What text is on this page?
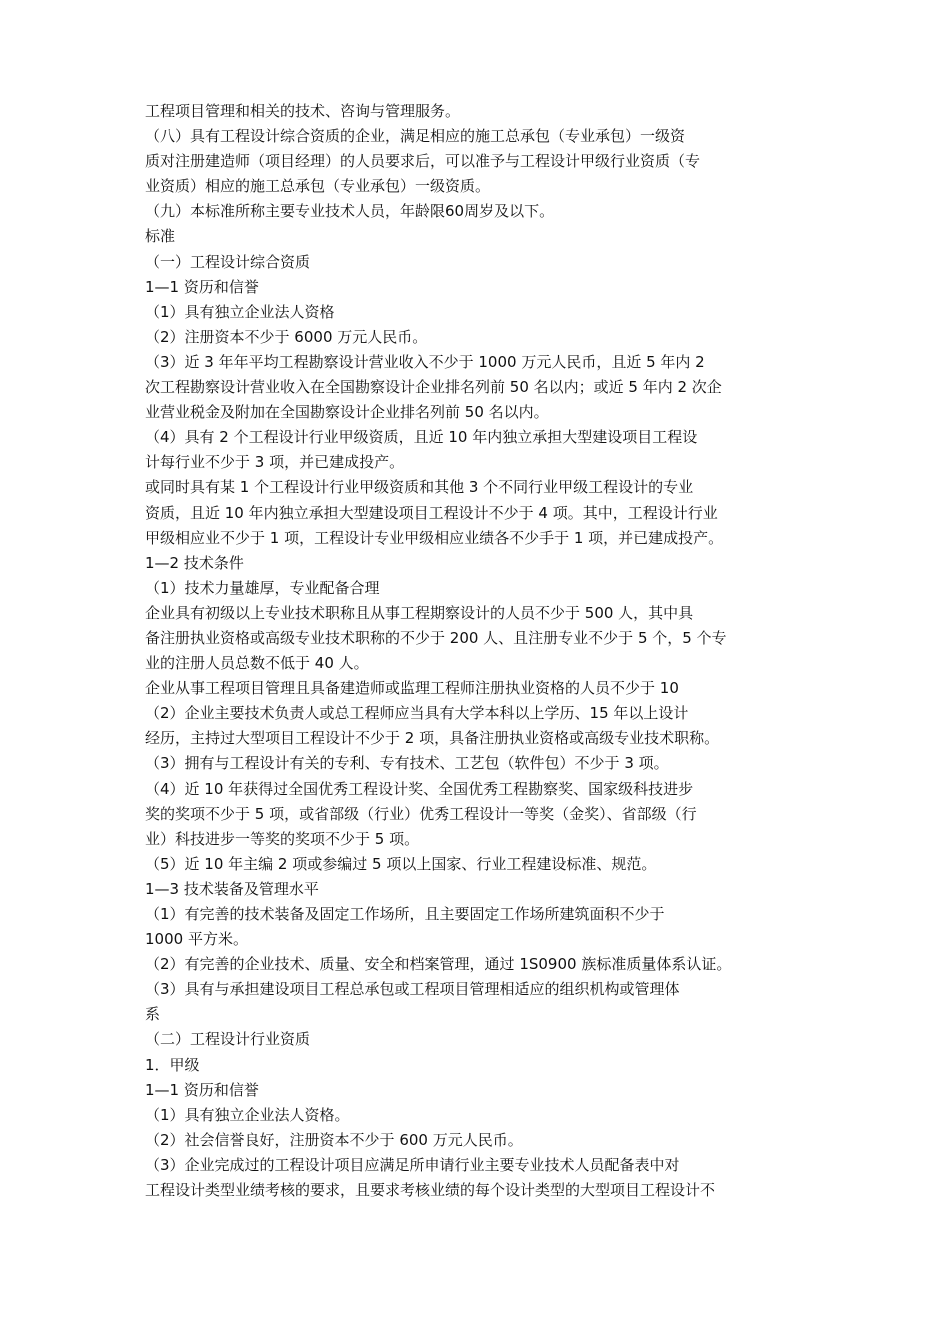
工程项目管理和相关的技术、咨询与管理服务。
（八）具有工程设计综合资质的企业，满足相应的施工总承包（专业承包）一级资
质对注册建造师（项目经理）的人员要求后，可以准予与工程设计甲级行业资质（专
业资质）相应的施工总承包（专业承包）一级资质。
（九）本标准所称主要专业技术人员，年龄限60周岁及以下。
标准
（一）工程设计综合资质
1—1 资历和信誉
（1）具有独立企业法人资格
（2）注册资本不少于 6000 万元人民币。
（3）近 3 年年平均工程勘察设计营业收入不少于 1000 万元人民币，且近 5 年内 2
次工程勘察设计营业收入在全国勘察设计企业排名列前 50 名以内；或近 5 年内 2 次企
业营业税金及附加在全国勘察设计企业排名列前 50 名以内。
（4）具有 2 个工程设计行业甲级资质，且近 10 年内独立承担大型建设项目工程设
计每行业不少于 3 项，并已建成投产。
或同时具有某 1 个工程设计行业甲级资质和其他 3 个不同行业甲级工程设计的专业
资质，且近 10 年内独立承担大型建设项目工程设计不少于 4 项。其中，工程设计行业
甲级相应业不少于 1 项，工程设计专业甲级相应业绩各不少手于 1 项，并已建成投产。
1—2 技术条件
（1）技术力量雄厚，专业配备合理
企业具有初级以上专业技术职称且从事工程期察设计的人员不少于 500 人，其中具
备注册执业资格或高级专业技术职称的不少于 200 人、且注册专业不少于 5 个，5 个专
业的注册人员总数不低于 40 人。
企业从事工程项目管理且具备建造师或监理工程师注册执业资格的人员不少于 10
（2）企业主要技术负责人或总工程师应当具有大学本科以上学历、15 年以上设计
经历，主持过大型项目工程设计不少于 2 项，具备注册执业资格或高级专业技术职称。
（3）拥有与工程设计有关的专利、专有技术、工艺包（软件包）不少于 3 项。
（4）近 10 年获得过全国优秀工程设计奖、全国优秀工程勘察奖、国家级科技进步
奖的奖项不少于 5 项，或省部级（行业）优秀工程设计一等奖（金奖）、省部级（行
业）科技进步一等奖的奖项不少于 5 项。
（5）近 10 年主编 2 项或参编过 5 项以上国家、行业工程建设标准、规范。
1—3 技术装备及管理水平
（1）有完善的技术装备及固定工作场所，且主要固定工作场所建筑面积不少于
1000 平方米。
（2）有完善的企业技术、质量、安全和档案管理，通过 1S0900 族标准质量体系认证。
（3）具有与承担建设项目工程总承包或工程项目管理相适应的组织机构或管理体
系
（二）工程设计行业资质
1．甲级
1—1 资历和信誉
（1）具有独立企业法人资格。
（2）社会信誉良好，注册资本不少于 600 万元人民币。
（3）企业完成过的工程设计项目应满足所申请行业主要专业技术人员配备表中对
工程设计类型业绩考核的要求，且要求考核业绩的每个设计类型的大型项目工程设计不
